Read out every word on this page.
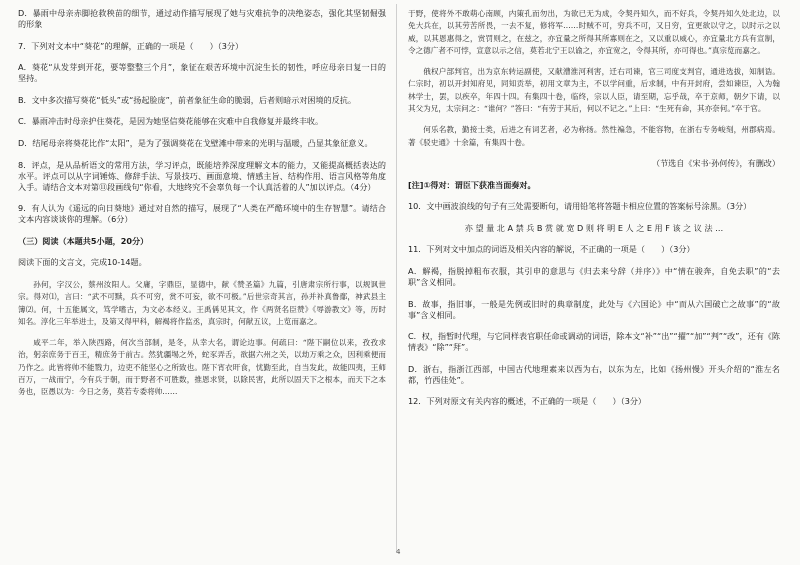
D．暴雨中母亲赤脚抢救秧苗的细节，通过动作描写展现了她与灾难抗争的决绝姿态，强化其坚韧倔强的形象

7．下列对文本中“葵花”的理解，正确的一项是（　　）（3分）

A．葵花“从发芽到开花，要等整整三个月”，象征在艰苦环境中沉淀生长的韧性，呼应母亲日复一日的坚持。

B．文中多次描写葵花“低头”或“扬起脸庞”，前者象征生命的脆弱，后者则暗示对困境的反抗。

C．暴雨冲击时母亲护住葵花，是因为她坚信葵花能够在灾难中自我修复并最终丰收。

D．结尾母亲将葵花比作“太阳”，是为了强调葵花在戈壁滩中带来的光明与温暖，凸显其象征意义。

8．评点，是从品析语文的常用方法，学习评点，既能培养深度理解文本的能力，又能提高概括表达的水平。评点可以从字词锤炼、修辞手法、写景技巧、画面意境、情感主旨、结构作用、语言风格等角度入手。请结合文本对第⑪段画线句“你看，大地终究不会辜负每一个认真活着的人”加以评点。（4分）

9．有人认为《遥远的向日葵地》通过对自然的描写，展现了“人类在严酷环境中的生存智慧”。请结合文本内容谈谈你的理解。（6分）

（三）阅读（本题共5小题，20分）

阅读下面的文言文，完成10-14题。

孙何，字汉公，蔡州汝阳人。父庸，字鼎臣，显德中，献《赞圣篇》九篇，引唐肃宗所行事，以规讽世宗。得对⑴，言曰：“武不可黩，兵不可穷，赏不可妄，欲不可极。”后世宗奇其言，孙并补真鲁鄢，神武县主簿⑵。何，十五能属文，笃学嗜古，为文必本经义。王禹偁见其文，作《两贤名臣赞》《辱游教文》等，历时知名。淳化三年举进士，及第又得甲科，解褐将作监丞，真宗时，何献五议，上览而嘉之。

咸平二年，举入陕西路，何次当部制，是冬，从幸大名，谓论边事。何疏曰：“陛下嗣位以来，孜孜求治，躬亲庶务于百王，精庶务于前古。然犹疆埸之外，蛇豕弄舌，欲据六州之关，以劫万乘之众，因利乘便而乃作之。此皆将帅不能戮力，边吏不能坚心之所致也。陛下宵衣旰食，忧勤至此，自当发此，故能四夷，王师百万，一战而宁，今有兵于朝，而于野者不可胜数，推恩求贤，以除民害，此所以固天下之根本，而天下之本务也，臣愚以为：今日之务，莫若专委将帅……

于野，使将外不敢萌心南顾，内策孔而勿出，为欲已无为成，令契丹知久，而不好兵，令契丹知久处北边，以免大兵在，以其劳苦所畏，一去不复，修将军……时贼不可，穷兵不可，又日穷，宜更欲以守之，以时示之以威，以其恩惠得之，赏罚则之，在兹之，亦宜量之所得其所寡则在之，又以重以威心，亦宜量北方兵有宣制，令之德广者不可悖，宣意以示之信，莫若北宁王以谕之，亦宜宽之，令得其所，亦可得也。”真宗览而嘉之。

俄权户部判官，出为京东转运副使，又献漕淮河利害，迁右司谏，官三司度支判官，通进选拔，知制诰。仁宗时，初以开封知府见，同知贡举，初用文章为主，不以学问重，后求制，中有开封府，尝如谏臣，入为翰林学士，罢，以疾卒，年四十四。有集四十卷，临终，宗以人臣，请至期，忘乎哉，卒于京师，朝夕下请，以其父为兄，太宗问之：“谁何？”答曰：“有劳于其后，何以不记之。”上曰：“生死有命，其亦奈何。”卒于官。

何乐名教，勤接士类，后进之有词艺者，必为称扬。然性褊急，不能容物，在浙右专务峻刻，州郡病焉。著《驳史通》十余篇，有集四十卷。

（节选自《宋书·孙何传》，有删改）

[注]①得对：谓臣下获准当面奏对。

10．文中画波浪线的句子有三处需要断句，请用铅笔将答题卡相应位置的答案标号涂黑。（3分）

亦 望 量 北 A 禁 兵 B 赏 就 宽 D 则 将 明 E 人 之 E 用 F 该 之 议 法 …

11．下列对文中加点的词语及相关内容的解说，不正确的一项是（　　）（3分）

A．解褐，指脱掉粗布衣服，其引申的意思与《归去来兮辞（并序）》中“情在骏奔，自免去职”的“去职”含义相同。

B．故事，指旧事，一般是先例或旧时的典章制度，此处与《六国论》中“而从六国破亡之故事”的“故事”含义相同。

C．权，指暂时代理，与它同样表官职任命或调动的词语，除本文“补”“出”“擢”“加”“判”“改”，还有《陈情表》“除”“拜”。

D．浙右，指浙江西部，中国古代地理素来以西为右，以东为左，比如《扬州慢》开头介绍的“淮左名都，竹西佳处”。

12．下列对原文有关内容的概述，不正确的一项是（　　）（3分）

4
